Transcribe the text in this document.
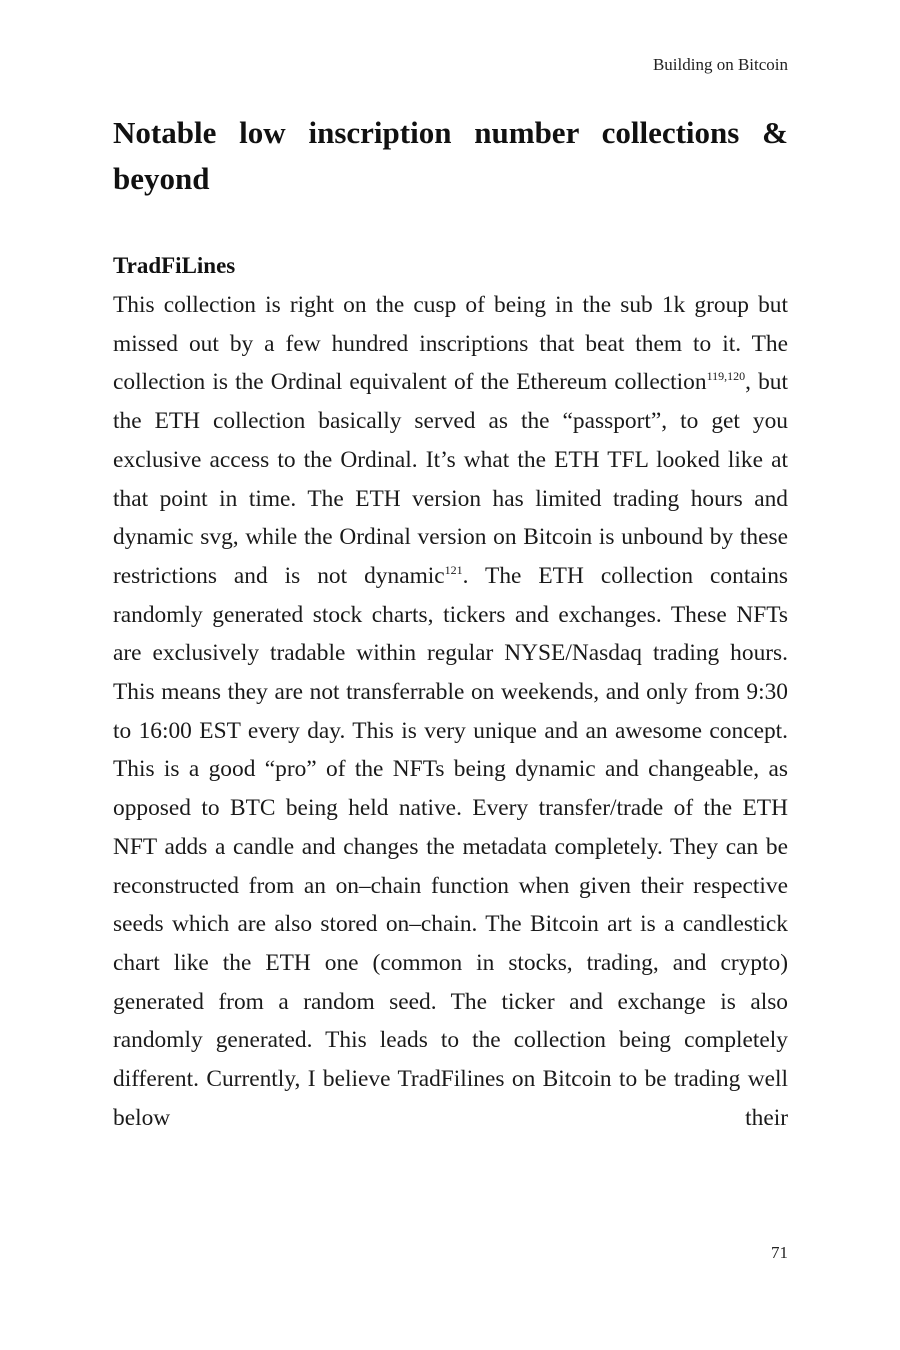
Building on Bitcoin
Notable low inscription number collections & beyond
TradFiLines

This collection is right on the cusp of being in the sub 1k group but missed out by a few hundred inscriptions that beat them to it. The collection is the Ordinal equivalent of the Ethereum collection$^{119,120}$, but the ETH collection basically served as the “passport”, to get you exclusive access to the Ordinal. It’s what the ETH TFL looked like at that point in time. The ETH version has limited trading hours and dynamic svg, while the Ordinal version on Bitcoin is unbound by these restrictions and is not dynamic$^{121}$. The ETH collection contains randomly generated stock charts, tickers and exchanges. These NFTs are exclusively tradable within regular NYSE/Nasdaq trading hours. This means they are not transferrable on weekends, and only from 9:30 to 16:00 EST every day. This is very unique and an awesome concept. This is a good “pro” of the NFTs being dynamic and changeable, as opposed to BTC being held native. Every transfer/trade of the ETH NFT adds a candle and changes the metadata completely. They can be reconstructed from an on–chain function when given their respective seeds which are also stored on–chain. The Bitcoin art is a candlestick chart like the ETH one (common in stocks, trading, and crypto) generated from a random seed. The ticker and exchange is also randomly generated. This leads to the collection being completely different. Currently, I believe TradFilines on Bitcoin to be trading well below their

71
